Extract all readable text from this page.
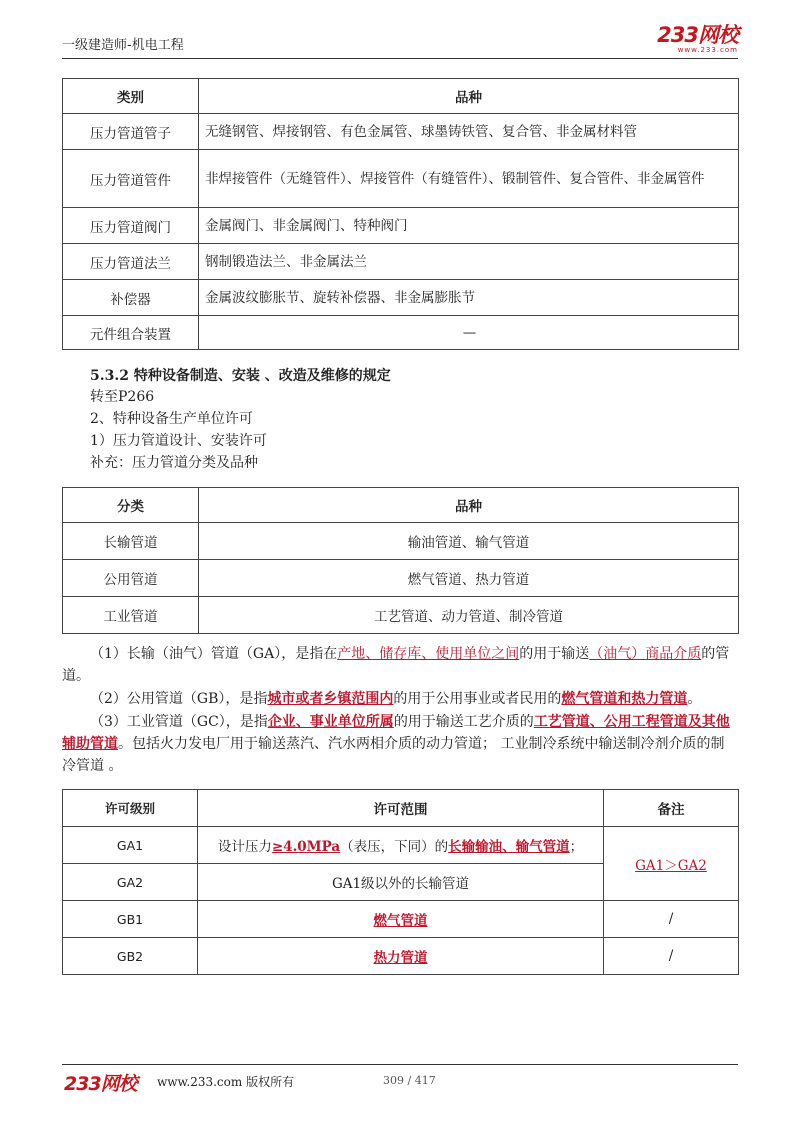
一级建造师-机电工程	233网校
www.233.com
类别	品种
压力管道管子	无缝钢管、焊接钢管、有色金属管、球墨铸铁管、复合管、非金属材料管
压力管道管件	非焊接管件（无缝管件）、焊接管件（有缝管件）、锻制管件、复合管件、非金属管件
压力管道阀门	金属阀门、非金属阀门、特种阀门
压力管道法兰	钢制锻造法兰、非金属法兰
补偿器	金属波纹膨胀节、旋转补偿器、非金属膨胀节
元件组合装置	—
5.3.2 特种设备制造、安装 、改造及维修的规定
转至P266
2、特种设备生产单位许可
1）压力管道设计、安装许可
补充：压力管道分类及品种
分类	品种
长输管道	输油管道、输气管道
公用管道	燃气管道、热力管道
工业管道	工艺管道、动力管道、制冷管道
（1）长输（油气）管道（GA），是指在产地、储存库、使用单位之间的用于输送（油气）商品介质的管道。
（2）公用管道（GB），是指城市或者乡镇范围内的用于公用事业或者民用的燃气管道和热力管道。
（3）工业管道（GC），是指企业、事业单位所属的用于输送工艺介质的工艺管道、公用工程管道及其他辅助管道。包括火力发电厂用于输送蒸汽、汽水两相介质的动力管道； 工业制冷系统中输送制冷剂介质的制冷管道 。
许可级别	许可范围	备注
GA1	设计压力≥4.0MPa（表压，下同）的长输输油、输气管道；	GA1＞GA2
GA2	GA1级以外的长输管道	
GB1	燃气管道	/
GB2	热力管道	/
233网校 www.233.com 版权所有	309 / 417
